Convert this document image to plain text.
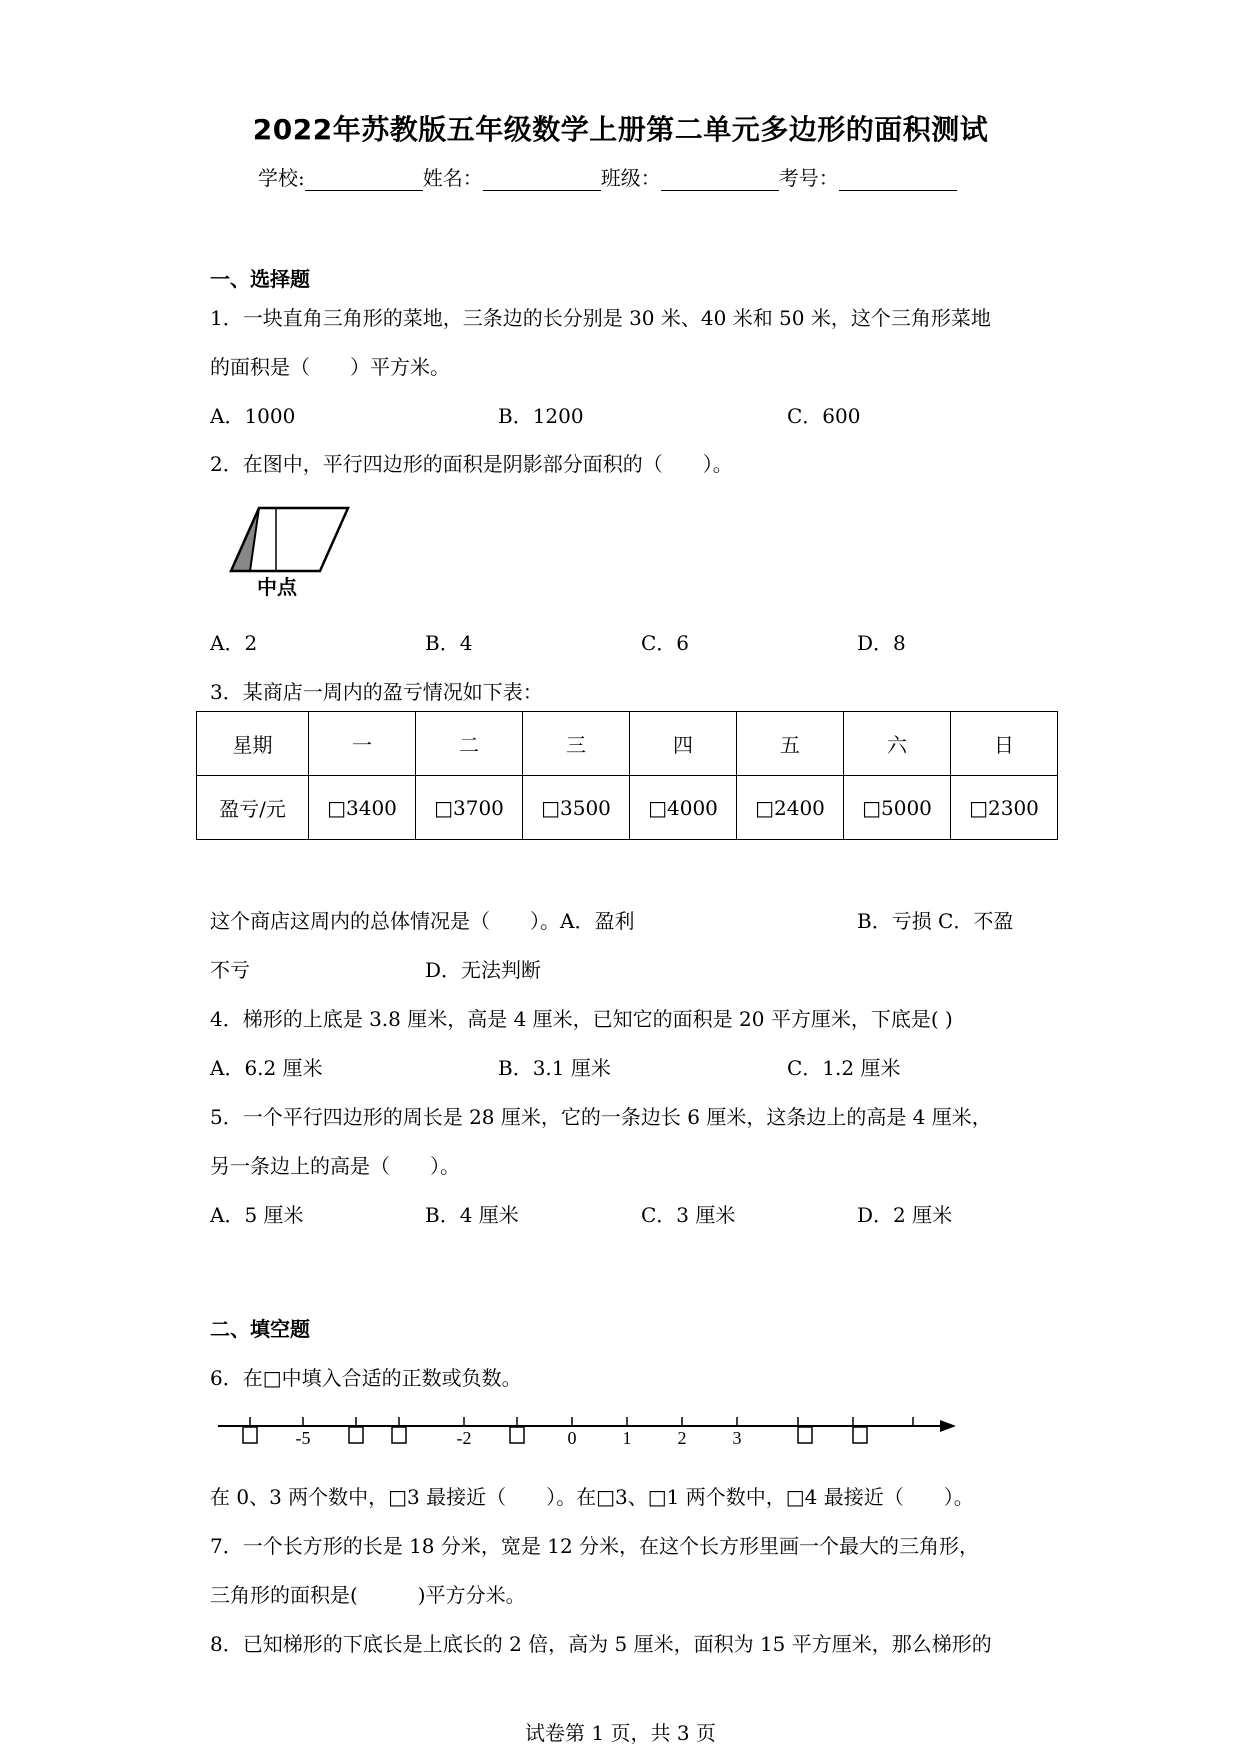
2022年苏教版五年级数学上册第二单元多边形的面积测试
学校:	姓名：	班级：	考号：
一、选择题
1．一块直角三角形的菜地，三条边的长分别是 30 米、40 米和 50 米，这个三角形菜地
的面积是（　　）平方米。
A．1000	B．1200	C．600
2．在图中，平行四边形的面积是阴影部分面积的（　　）。
中点
A．2	B．4	C．6	D．8
3．某商店一周内的盈亏情况如下表：
星期	一	二	三	四	五	六	日
盈亏/元	□3400	□3700	□3500	□4000	□2400	□5000	□2300
这个商店这周内的总体情况是（　　）。A．盈利	B．亏损 C．不盈
不亏	D．无法判断
4．梯形的上底是 3.8 厘米，高是 4 厘米，已知它的面积是 20 平方厘米，下底是( )
A．6.2 厘米	B．3.1 厘米	C．1.2 厘米
5．一个平行四边形的周长是 28 厘米，它的一条边长 6 厘米，这条边上的高是 4 厘米，
另一条边上的高是（　　）。
A．5 厘米	B．4 厘米	C．3 厘米	D．2 厘米
二、填空题
6．在□中填入合适的正数或负数。
-5	-2	0	1	2	3
在 0、3 两个数中，□3 最接近（　　）。在□3、□1 两个数中，□4 最接近（　　）。
7．一个长方形的长是 18 分米，宽是 12 分米，在这个长方形里画一个最大的三角形，
三角形的面积是(　　　)平方分米。
8．已知梯形的下底长是上底长的 2 倍，高为 5 厘米，面积为 15 平方厘米，那么梯形的
试卷第 1 页，共 3 页
